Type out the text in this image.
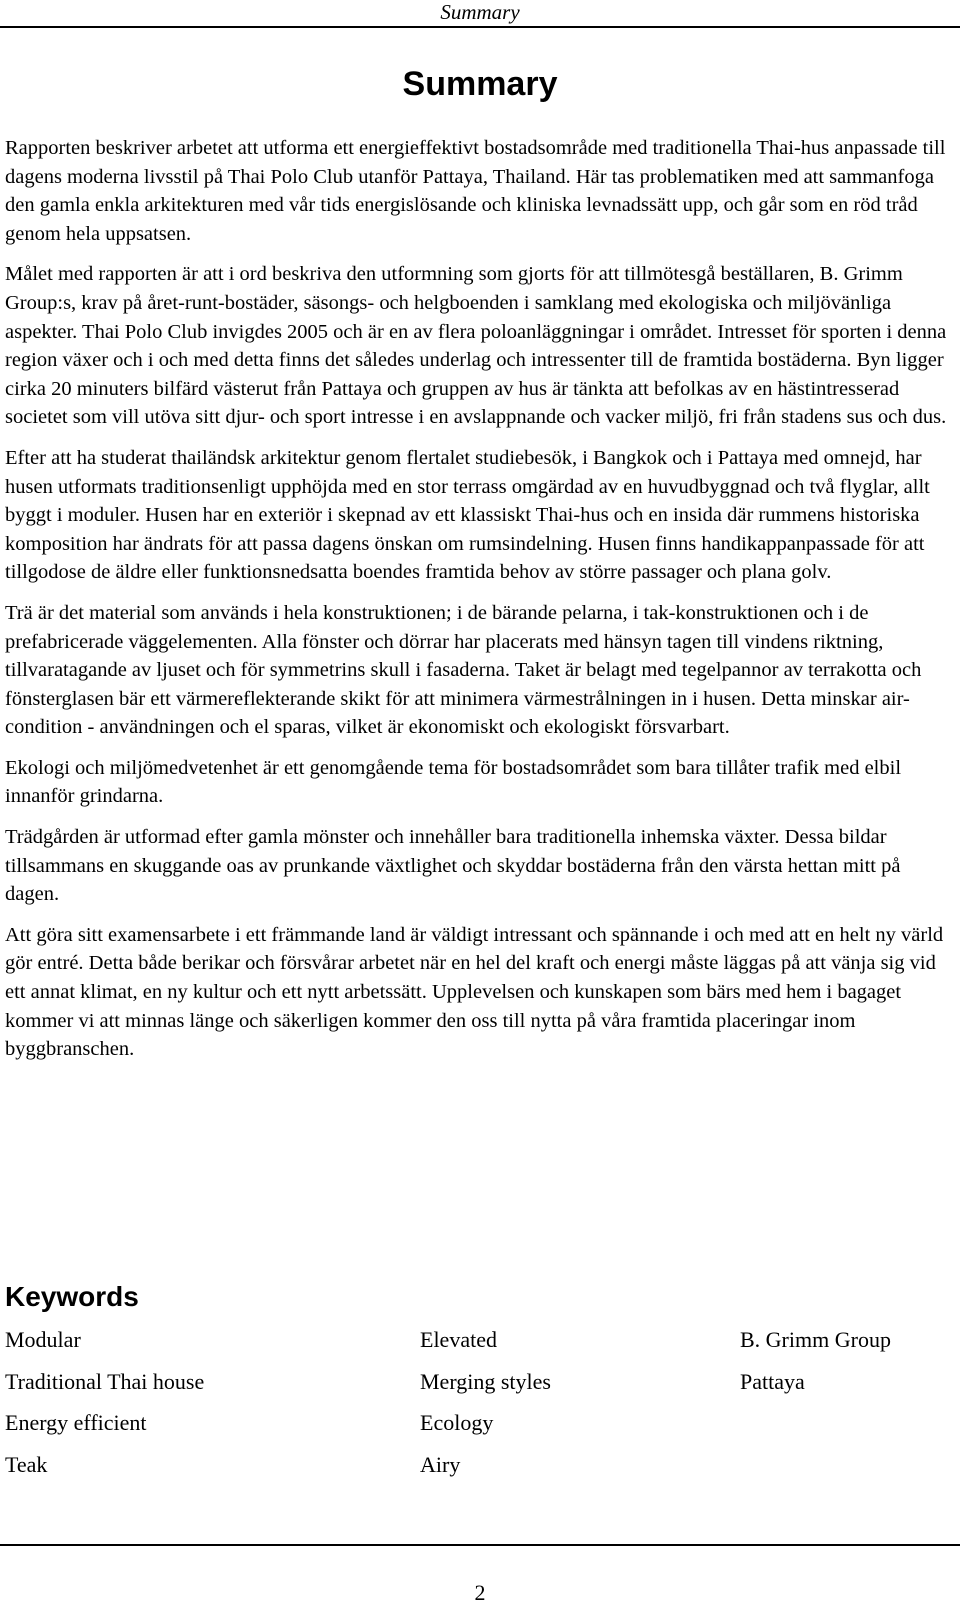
Summary
Summary

Rapporten beskriver arbetet att utforma ett energieffektivt bostadsområde med traditionella Thai-hus anpassade till dagens moderna livsstil på Thai Polo Club utanför Pattaya, Thailand. Här tas problematiken med att sammanfoga den gamla enkla arkitekturen med vår tids energislösande och kliniska levnadssätt upp, och går som en röd tråd genom hela uppsatsen.

Målet med rapporten är att i ord beskriva den utformning som gjorts för att tillmötesgå beställaren, B. Grimm Group:s, krav på året-runt-bostäder, säsongs- och helgboenden i samklang med ekologiska och miljövänliga aspekter. Thai Polo Club invigdes 2005 och är en av flera poloanläggningar i området. Intresset för sporten i denna region växer och i och med detta finns det således underlag och intressenter till de framtida bostäderna. Byn ligger cirka 20 minuters bilfärd västerut från Pattaya och gruppen av hus är tänkta att befolkas av en hästintresserad societet som vill utöva sitt djur- och sport intresse i en avslappnande och vacker miljö, fri från stadens sus och dus.

Efter att ha studerat thailändsk arkitektur genom flertalet studiebesök, i Bangkok och i Pattaya med omnejd, har husen utformats traditionsenligt upphöjda med en stor terrass omgärdad av en huvudbyggnad och två flyglar, allt byggt i moduler. Husen har en exteriör i skepnad av ett klassiskt Thai-hus och en insida där rummens historiska komposition har ändrats för att passa dagens önskan om rumsindelning. Husen finns handikappanpassade för att tillgodose de äldre eller funktionsnedsatta boendes framtida behov av större passager och plana golv.

Trä är det material som används i hela konstruktionen; i de bärande pelarna, i tak-konstruktionen och i de prefabricerade väggelementen. Alla fönster och dörrar har placerats med hänsyn tagen till vindens riktning, tillvaratagande av ljuset och för symmetrins skull i fasaderna. Taket är belagt med tegelpannor av terrakotta och fönsterglasen bär ett värmereflekterande skikt för att minimera värmestrålningen in i husen. Detta minskar air-condition - användningen och el sparas, vilket är ekonomiskt och ekologiskt försvarbart.

Ekologi och miljömedvetenhet är ett genomgående tema för bostadsområdet som bara tillåter trafik med elbil innanför grindarna.

Trädgården är utformad efter gamla mönster och innehåller bara traditionella inhemska växter. Dessa bildar tillsammans en skuggande oas av prunkande växtlighet och skyddar bostäderna från den värsta hettan mitt på dagen.

Att göra sitt examensarbete i ett främmande land är väldigt intressant och spännande i och med att en helt ny värld gör entré. Detta både berikar och försvårar arbetet när en hel del kraft och energi måste läggas på att vänja sig vid ett annat klimat, en ny kultur och ett nytt arbetssätt. Upplevelsen och kunskapen som bärs med hem i bagaget kommer vi att minnas länge och säkerligen kommer den oss till nytta på våra framtida placeringar inom byggbranschen.

Keywords
Modular	Elevated	B. Grimm Group
Traditional Thai house	Merging styles	Pattaya
Energy efficient	Ecology
Teak	Airy
2
